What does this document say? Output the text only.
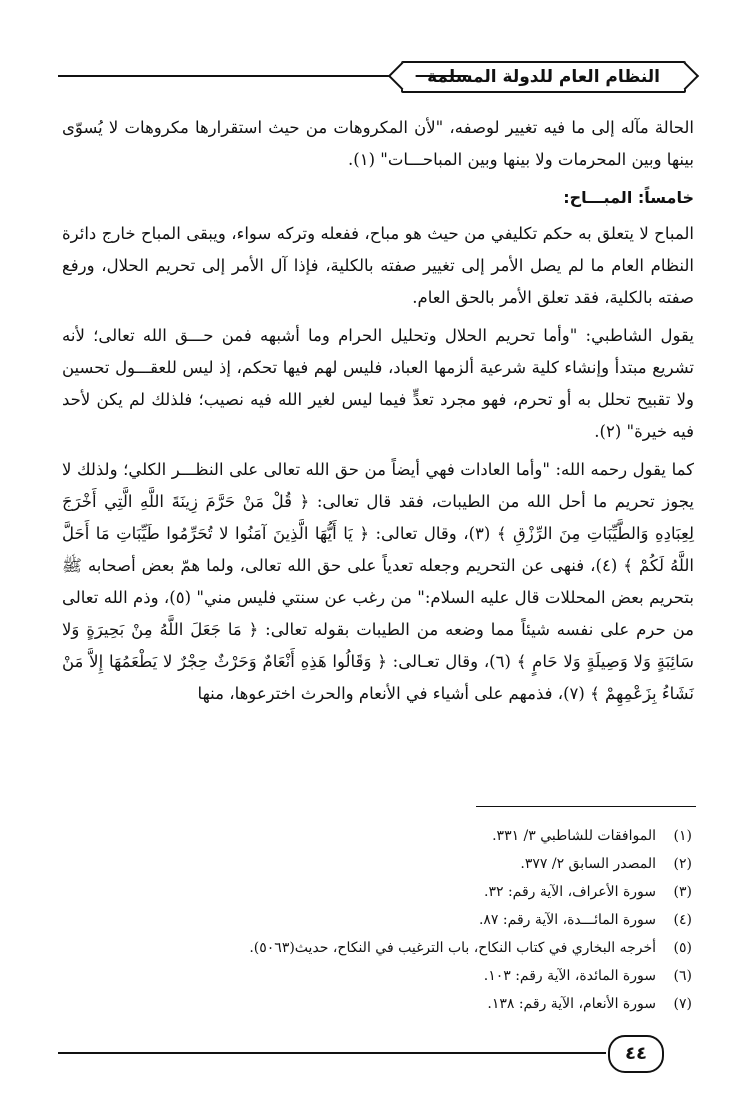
النظام العام للدولة المسلمة

الحالة مآله إلى ما فيه تغيير لوصفه، "لأن المكروهات من حيث استقرارها مكروهات لا يُسوّى بينها وبين المحرمات ولا بينها وبين المباحـــات" (١).

خامساً: المبـــاح:

المباح لا يتعلق به حكم تكليفي من حيث هو مباح، ففعله وتركه سواء، ويبقى المباح خارج دائرة النظام العام ما لم يصل الأمر إلى تغيير صفته بالكلية، فإذا آل الأمر إلى تحريم الحلال، ورفع صفته بالكلية، فقد تعلق الأمر بالحق العام.

يقول الشاطبي: "وأما تحريم الحلال وتحليل الحرام وما أشبهه فمن حـــق الله تعالى؛ لأنه تشريع مبتدأ وإنشاء كلية شرعية ألزمها العباد، فليس لهم فيها تحكم، إذ ليس للعقـــول تحسين ولا تقبيح تحلل به أو تحرم، فهو مجرد تعدٍّ فيما ليس لغير الله فيه نصيب؛ فلذلك لم يكن لأحد فيه خيرة" (٢).

كما يقول رحمه الله: "وأما العادات فهي أيضاً من حق الله تعالى على النظـــر الكلي؛ ولذلك لا يجوز تحريم ما أحل الله من الطيبات، فقد قال تعالى: ﴿ قُلْ مَنْ حَرَّمَ زِينَةَ اللَّهِ الَّتِي أَخْرَجَ لِعِبَادِهِ وَالطَّيِّبَاتِ مِنَ الرِّزْقِ ﴾ (٣)، وقال تعالى: ﴿ يَا أَيُّهَا الَّذِينَ آمَنُوا لا تُحَرِّمُوا طَيِّبَاتِ مَا أَحَلَّ اللَّهُ لَكُمْ ﴾ (٤)، فنهى عن التحريم وجعله تعدياً على حق الله تعالى، ولما همّ بعض أصحابه ﷺ بتحريم بعض المحللات قال عليه السلام:" من رغب عن سنتي فليس مني" (٥)، وذم الله تعالى من حرم على نفسه شيئاً مما وضعه من الطيبات بقوله تعالى: ﴿ مَا جَعَلَ اللَّهُ مِنْ بَحِيرَةٍ وَلا سَائِبَةٍ وَلا وَصِيلَةٍ وَلا حَامٍ ﴾ (٦)، وقال تعـالى: ﴿ وَقَالُوا هَذِهِ أَنْعَامٌ وَحَرْثٌ حِجْرٌ لا يَطْعَمُهَا إِلاَّ مَنْ نَشَاءُ بِزَعْمِهِمْ ﴾ (٧)، فذمهم على أشياء في الأنعام والحرث اخترعوها، منها

(١)الموافقات للشاطبي ٣/ ٣٣١.
(٢)المصدر السابق ٢/ ٣٧٧.
(٣)سورة الأعراف، الآية رقم: ٣٢.
(٤)سورة المائـــدة، الآية رقم: ٨٧.
(٥)أخرجه البخاري في كتاب النكاح، باب الترغيب في النكاح، حديث(٥٠٦٣).
(٦)سورة المائدة، الآية رقم: ١٠٣.
(٧)سورة الأنعام، الآية رقم: ١٣٨.
٤٤
